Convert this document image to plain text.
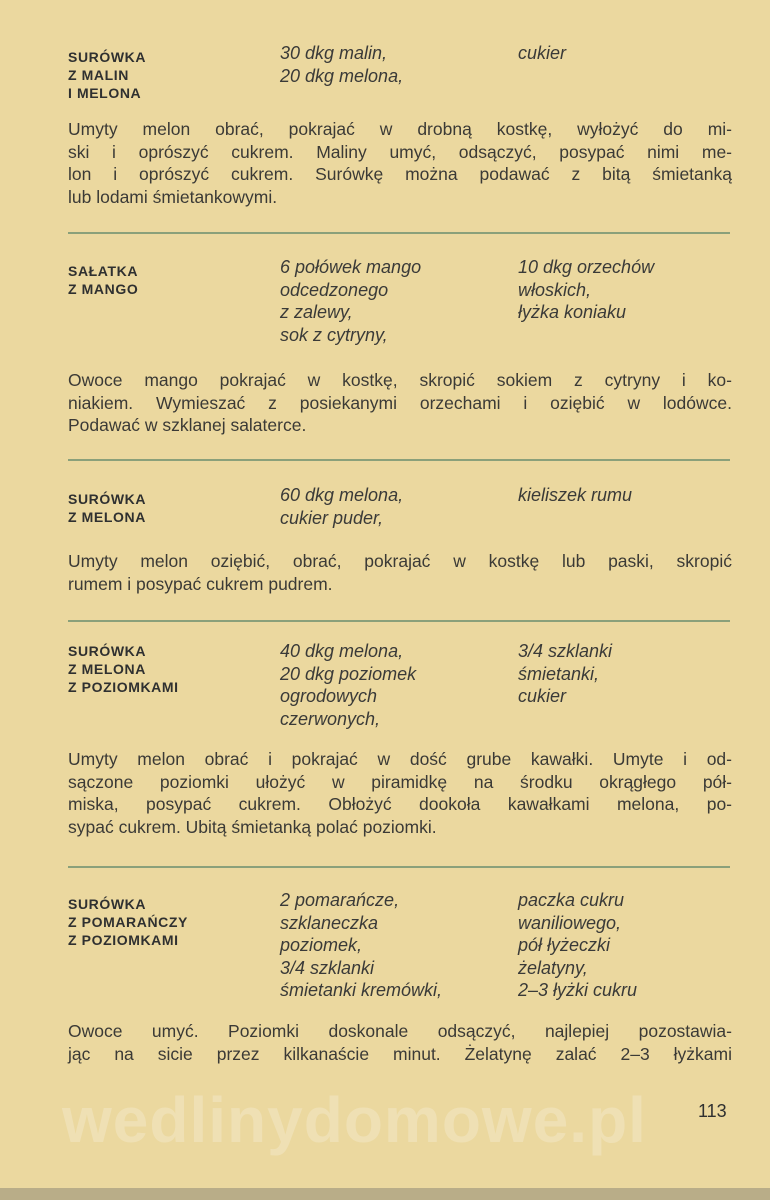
SURÓWKA
Z MALIN
I MELONA
30 dkg malin,
20 dkg melona,
cukier
Umyty melon obrać, pokrajać w drobną kostkę, wyłożyć do mi-
ski i oprószyć cukrem. Maliny umyć, odsączyć, posypać nimi me-
lon i oprószyć cukrem. Surówkę można podawać z bitą śmietanką
lub lodami śmietankowymi.
SAŁATKA
Z MANGO
6 połówek mango
odcedzonego
z zalewy,
sok z cytryny,
10 dkg orzechów
włoskich,
łyżka koniaku
Owoce mango pokrajać w kostkę, skropić sokiem z cytryny i ko-
niakiem. Wymieszać z posiekanymi orzechami i oziębić w lodówce.
Podawać w szklanej salaterce.
SURÓWKA
Z MELONA
60 dkg melona,
cukier puder,
kieliszek rumu
Umyty melon oziębić, obrać, pokrajać w kostkę lub paski, skropić
rumem i posypać cukrem pudrem.
SURÓWKA
Z MELONA
Z POZIOMKAMI
40 dkg melona,
20 dkg poziomek
ogrodowych
czerwonych,
3/4 szklanki
śmietanki,
cukier
Umyty melon obrać i pokrajać w dość grube kawałki. Umyte i od-
sączone poziomki ułożyć w piramidkę na środku okrągłego pół-
miska, posypać cukrem. Obłożyć dookoła kawałkami melona, po-
sypać cukrem. Ubitą śmietanką polać poziomki.
SURÓWKA
Z POMARAŃCZY
Z POZIOMKAMI
2 pomarańcze,
szklaneczka
poziomek,
3/4 szklanki
śmietanki kremówki,
paczka cukru
waniliowego,
pół łyżeczki
żelatyny,
2–3 łyżki cukru
Owoce umyć. Poziomki doskonale odsączyć, najlepiej pozostawia-
jąc na sicie przez kilkanaście minut. Żelatynę zalać 2–3 łyżkami
wedlinydomowe.pl	113
